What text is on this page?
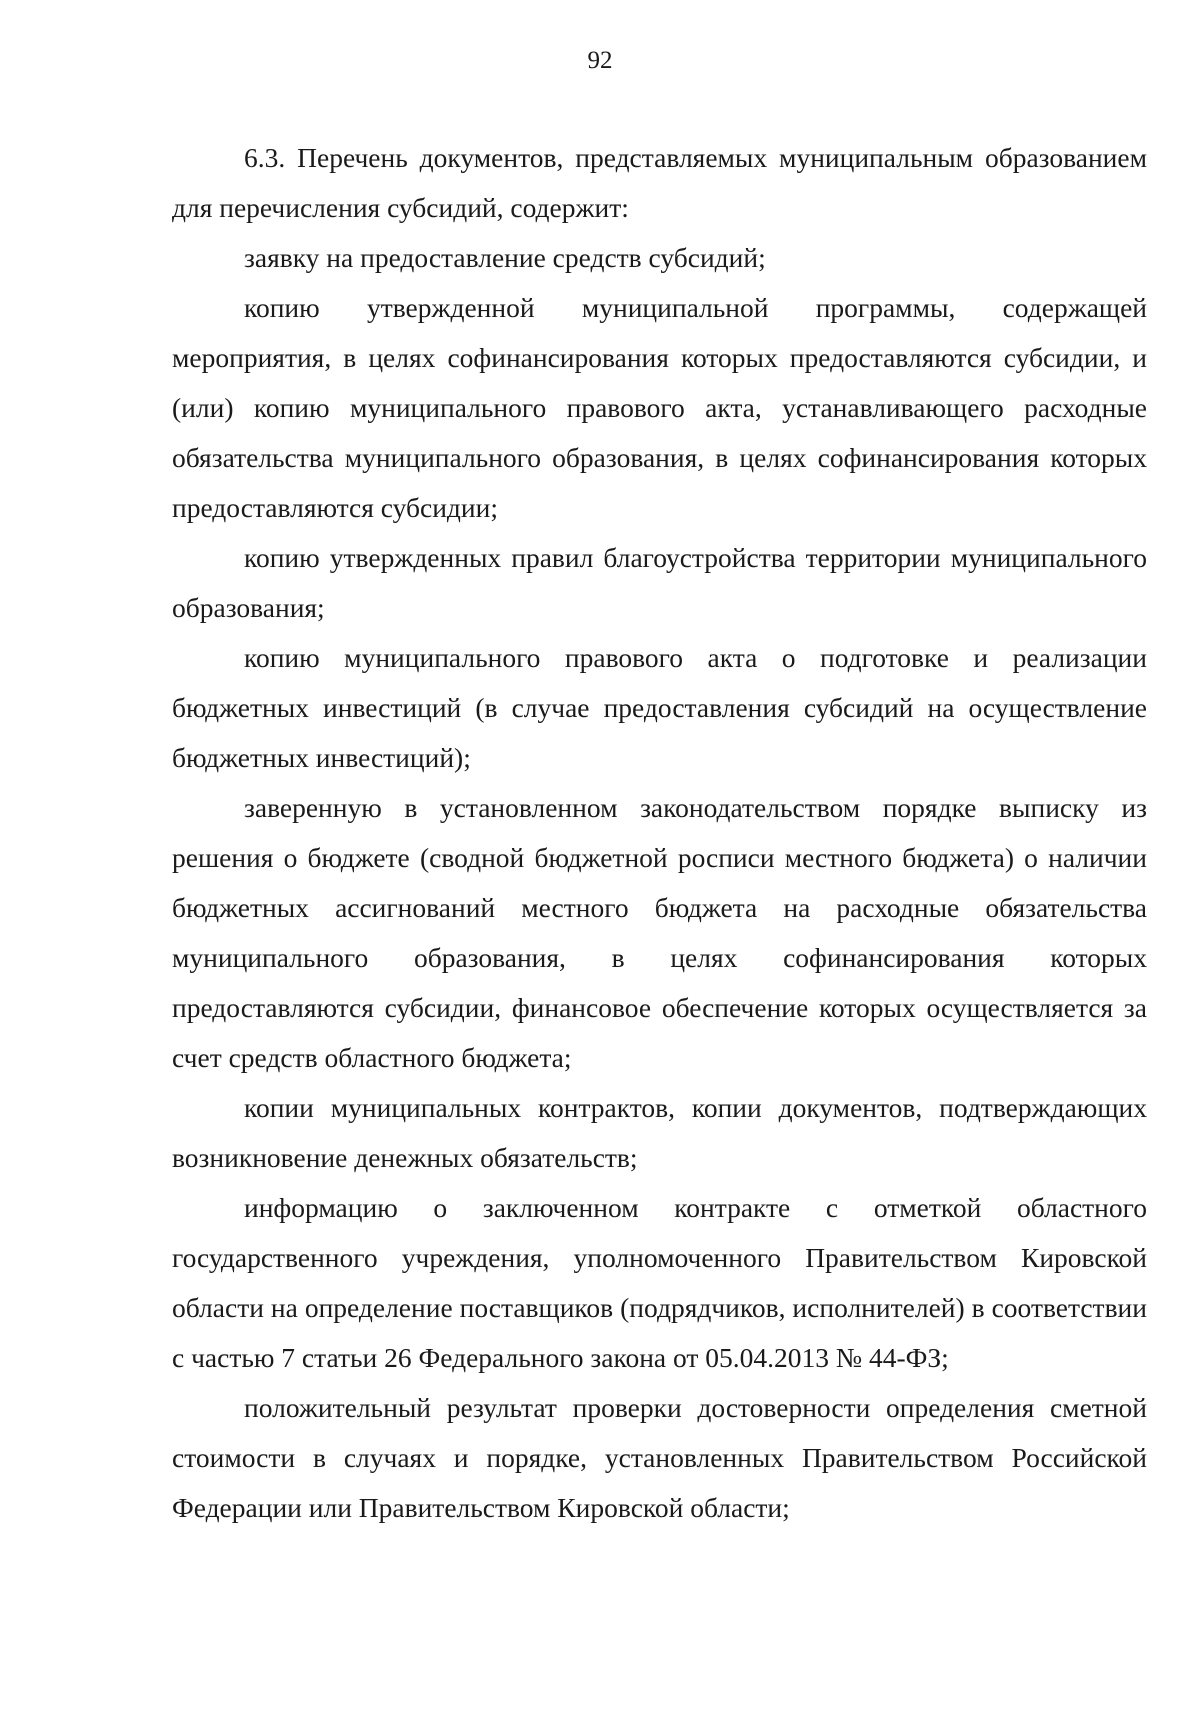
92

6.3. Перечень документов, представляемых муниципальным образованием для перечисления субсидий, содержит:

заявку на предоставление средств субсидий;

копию утвержденной муниципальной программы, содержащей мероприятия, в целях софинансирования которых предоставляются субсидии, и (или) копию муниципального правового акта, устанавливающего расходные обязательства муниципального образования, в целях софинансирования которых предоставляются субсидии;

копию утвержденных правил благоустройства территории муниципального образования;

копию муниципального правового акта о подготовке и реализации бюджетных инвестиций (в случае предоставления субсидий на осуществление бюджетных инвестиций);

заверенную в установленном законодательством порядке выписку из решения о бюджете (сводной бюджетной росписи местного бюджета) о наличии бюджетных ассигнований местного бюджета на расходные обязательства муниципального образования, в целях софинансирования которых предоставляются субсидии, финансовое обеспечение которых осуществляется за счет средств областного бюджета;

копии муниципальных контрактов, копии документов, подтверждающих возникновение денежных обязательств;

информацию о заключенном контракте с отметкой областного государственного учреждения, уполномоченного Правительством Кировской области на определение поставщиков (подрядчиков, исполнителей) в соответствии с частью 7 статьи 26 Федерального закона от 05.04.2013 № 44-ФЗ;

положительный результат проверки достоверности определения сметной стоимости в случаях и порядке, установленных Правительством Российской Федерации или Правительством Кировской области;
